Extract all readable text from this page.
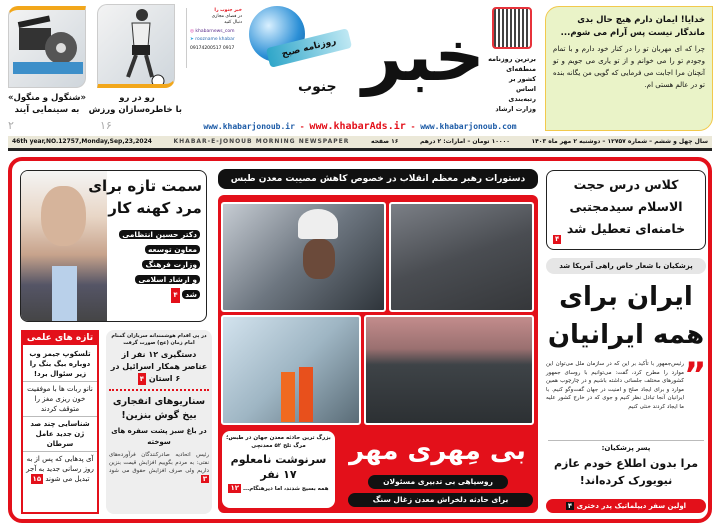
«شنگول و منگول»
به سینمایی آیند
۲
رو در رو
با خاطره‌سازان ورزش
۱۶
خبر جنوب را
در فضای مجازی
دنبال کنید
◎ khabarnews_com
➤ roozname khabar
09174200517 0917	روزنامه صبح
جنوب خبر
www.khabarjonoub.ir - www.khabarAds.ir - www.khabarjonoub.com
برترین روزنامه منطقه‌ای کشور بر اساس رتبه‌بندی وزارت ارشاد
خدایا! ایمان دارم هیچ حال بدی ماندگار نیست پس آرام می شوم...
چرا که ای مهربان تو را در کنار خود دارم و با تمام وجودم تو را می خوانم و از تو یاری می جویم و تو آنچنان مرا اجابت می فرمایی که گویی من یگانه بنده تو در عالم هستی ام.
46th year,NO.12757,Monday,Sep,23,2024	KHABAR-E-JONOUB MORNING NEWSPAPER	۱۶ صفحه	۱۰۰۰۰ تومان – امارات: ۲ درهم	سال چهل و ششم – شماره ۱۲۷۵۷ – دوشنبه ۲ مهر ماه ۱۴۰۳
سمت تازه برای
مرد کهنه کار
دکتر حسین انتظامی
معاون توسعه
وزارت فرهنگ
و ارشاد اسلامی
شد ۴
تازه های علمی
تلسکوپ جیمز وب دوباره بیگ بنگ را زیر سئوال برد!
نانو ربات ها با موفقیت خون ریزی مغز را متوقف کردند
شناسایی چند صد ژن جدید عامل سرطان
آی پدهایی که پس از به روز رسانی جدید به آجر تبدیل می شوند ۱۵
در پی اقدام هوشمندانه سربازان گمنام امام زمان (عج) صورت گرفت
دستگیری ۱۲ نفر از عناصر همکار اسرائیل در ۶ استان ۴
سناریوهای انفجاری بیخ گوش بنزین!
در باغ سبز پشت سفره های سوخته
رئیس اتحادیه صادرکنندگان فرآورده‌های نفتی: به مردم بگوییم افزایش قیمت بنزین داریم ولی صرف افزایش حقوق می شود ۳
دستورات رهبر معظم انقلاب در خصوص کاهش مصیبت معدن طبس
بزرگ ترین حادثه معدن جهان در طبس؛ مرگ تلخ ۵۲ معدنچی
سرنوشت نامعلوم ۱۷ نفر
همه بسیج شدند، اما دیرهنگام... ۱۲
بی مِهری مهر
روسیاهی بی تدبیری مسئولان
برای حادثه دلخراش معدن زغال سنگ
کلاس درس حجت الاسلام سیدمجتبی خامنه‌ای تعطیل شد
۴
پزشکیان با شعار خاص راهی آمریکا شد
ایران برای
همه ایرانیان
”
رئیس‌جمهور با تأکید بر این که در سازمان ملل می‌توان این موارد را مطرح کرد، گفت: می‌توانیم با روسای جمهور کشورهای مختلف جلساتی داشته باشیم و در چارچوب همین موارد و برای ایجاد صلح و امنیت در جهان گفت‌وگو کنیم. با ایرانیان آنجا تبادل نظر کنیم و جوی که در خارج کشور علیه ما ایجاد کردند خنثی کنیم
پسر پزشکیان:
مرا بدون اطلاع خودم عازم نیویورک کرده‌اند!
اولین سفر دیپلماتیک پدر دختری ۴
